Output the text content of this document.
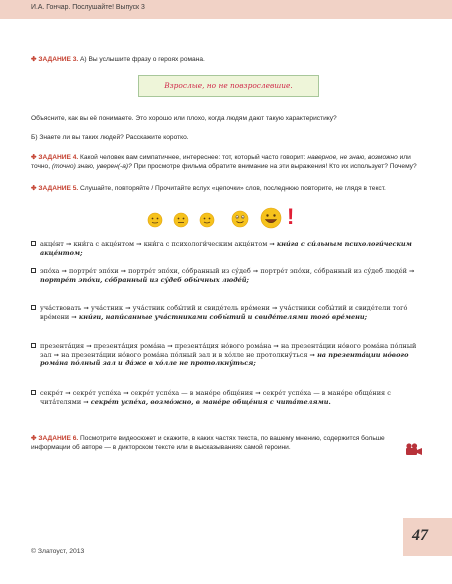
И.А. Гончар. Послушайте! Выпуск 3
✤ ЗАДАНИЕ 3. А) Вы услышите фразу о героях романа.
Взрослые, но не повзрослевшие.
Объясните, как вы её понимаете. Это хорошо или плохо, когда людям дают такую характеристику?
Б) Знаете ли вы таких людей? Расскажите коротко.
✤ ЗАДАНИЕ 4. Какой человек вам симпатичнее, интереснее: тот, который часто говорит: наверное, не знаю, возможно или точно, (точно) знаю, уверен(-а)? При просмотре фильма обратите внимание на эти выражения! Кто их использует? Почему?
✤ ЗАДАНИЕ 5. Слушайте, повторяйте / Прочитайте вслух «цепочки» слов, последнюю повторите, не глядя в текст.
!
акцéнт ➞ кни́га с акцéнтом ➞ кни́га с психологи́ческим акцéнтом ➞ кни́га с си́льным психологи́ческим акцéнтом;
эпо́ха ➞ портрéт эпо́хи ➞ портрéт эпо́хи, со́бранный из су́деб ➞ портрéт эпо́хи, со́бранный из су́деб людéй ➞ портрéт эпо́хи, со́бранный из су́деб обы́чных людéй;
уча́ствовать ➞ уча́стник ➞ уча́стник собы́тий и свидéтель врéмени ➞ уча́стники собы́тий и свидéтели тогó врéмени ➞ кни́ги, напи́санные уча́стниками собы́тий и свидéтелями тогó врéмени;
презента́ция ➞ презента́ция ромáна ➞ презента́ция нóвого ромáна ➞ на презента́ции нóвого ромáна пóлный зал ➞ на презента́ции нóвого ромáна пóлный зал и в хóлле не протолкну́ться ➞ на презента́ции нóвого ромáна пóлный зал и дáже в хóлле не протолкну́ться;
секрéт ➞ секрéт успéха ➞ секрéт успéха — в манéре общéния ➞ секрéт успéха — в манéре общéния с чита́телями ➞ секрéт успéха, возмóжно, в манéре общéния с чита́телями.
✤ ЗАДАНИЕ 6. Посмотрите видеосюжет и скажите, в каких частях текста, по вашему мнению, содержится больше информации об авторе — в дикторском тексте или в высказываниях самой героини.
© Златоуст, 2013
47
